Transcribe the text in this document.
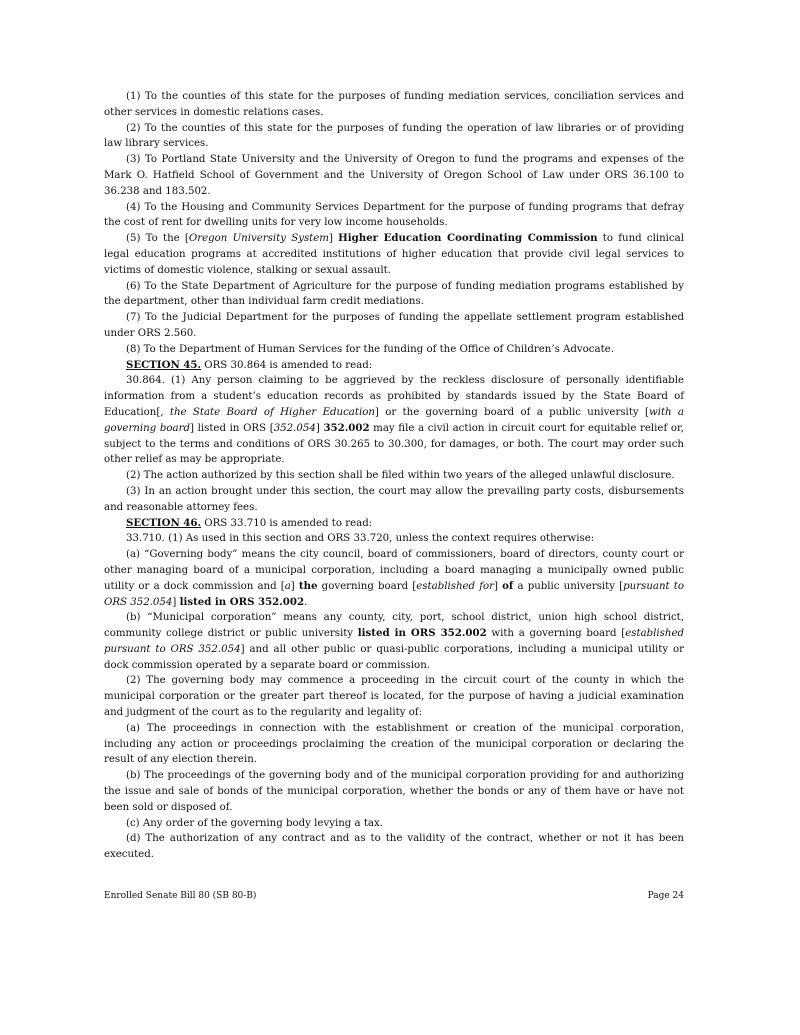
(1) To the counties of this state for the purposes of funding mediation services, conciliation services and other services in domestic relations cases.

(2) To the counties of this state for the purposes of funding the operation of law libraries or of providing law library services.

(3) To Portland State University and the University of Oregon to fund the programs and expenses of the Mark O. Hatfield School of Government and the University of Oregon School of Law under ORS 36.100 to 36.238 and 183.502.

(4) To the Housing and Community Services Department for the purpose of funding programs that defray the cost of rent for dwelling units for very low income households.

(5) To the [Oregon University System] Higher Education Coordinating Commission to fund clinical legal education programs at accredited institutions of higher education that provide civil legal services to victims of domestic violence, stalking or sexual assault.

(6) To the State Department of Agriculture for the purpose of funding mediation programs established by the department, other than individual farm credit mediations.

(7) To the Judicial Department for the purposes of funding the appellate settlement program established under ORS 2.560.

(8) To the Department of Human Services for the funding of the Office of Children’s Advocate.

SECTION 45. ORS 30.864 is amended to read:

30.864. (1) Any person claiming to be aggrieved by the reckless disclosure of personally identifiable information from a student’s education records as prohibited by standards issued by the State Board of Education[, the State Board of Higher Education] or the governing board of a public university [with a governing board] listed in ORS [352.054] 352.002 may file a civil action in circuit court for equitable relief or, subject to the terms and conditions of ORS 30.265 to 30.300, for damages, or both. The court may order such other relief as may be appropriate.

(2) The action authorized by this section shall be filed within two years of the alleged unlawful disclosure.

(3) In an action brought under this section, the court may allow the prevailing party costs, disbursements and reasonable attorney fees.

SECTION 46. ORS 33.710 is amended to read:

33.710. (1) As used in this section and ORS 33.720, unless the context requires otherwise:

(a) “Governing body” means the city council, board of commissioners, board of directors, county court or other managing board of a municipal corporation, including a board managing a municipally owned public utility or a dock commission and [a] the governing board [established for] of a public university [pursuant to ORS 352.054] listed in ORS 352.002.

(b) “Municipal corporation” means any county, city, port, school district, union high school district, community college district or public university listed in ORS 352.002 with a governing board [established pursuant to ORS 352.054] and all other public or quasi-public corporations, including a municipal utility or dock commission operated by a separate board or commission.

(2) The governing body may commence a proceeding in the circuit court of the county in which the municipal corporation or the greater part thereof is located, for the purpose of having a judicial examination and judgment of the court as to the regularity and legality of:

(a) The proceedings in connection with the establishment or creation of the municipal corporation, including any action or proceedings proclaiming the creation of the municipal corporation or declaring the result of any election therein.

(b) The proceedings of the governing body and of the municipal corporation providing for and authorizing the issue and sale of bonds of the municipal corporation, whether the bonds or any of them have or have not been sold or disposed of.

(c) Any order of the governing body levying a tax.

(d) The authorization of any contract and as to the validity of the contract, whether or not it has been executed.

Enrolled Senate Bill 80 (SB 80-B)	Page 24
